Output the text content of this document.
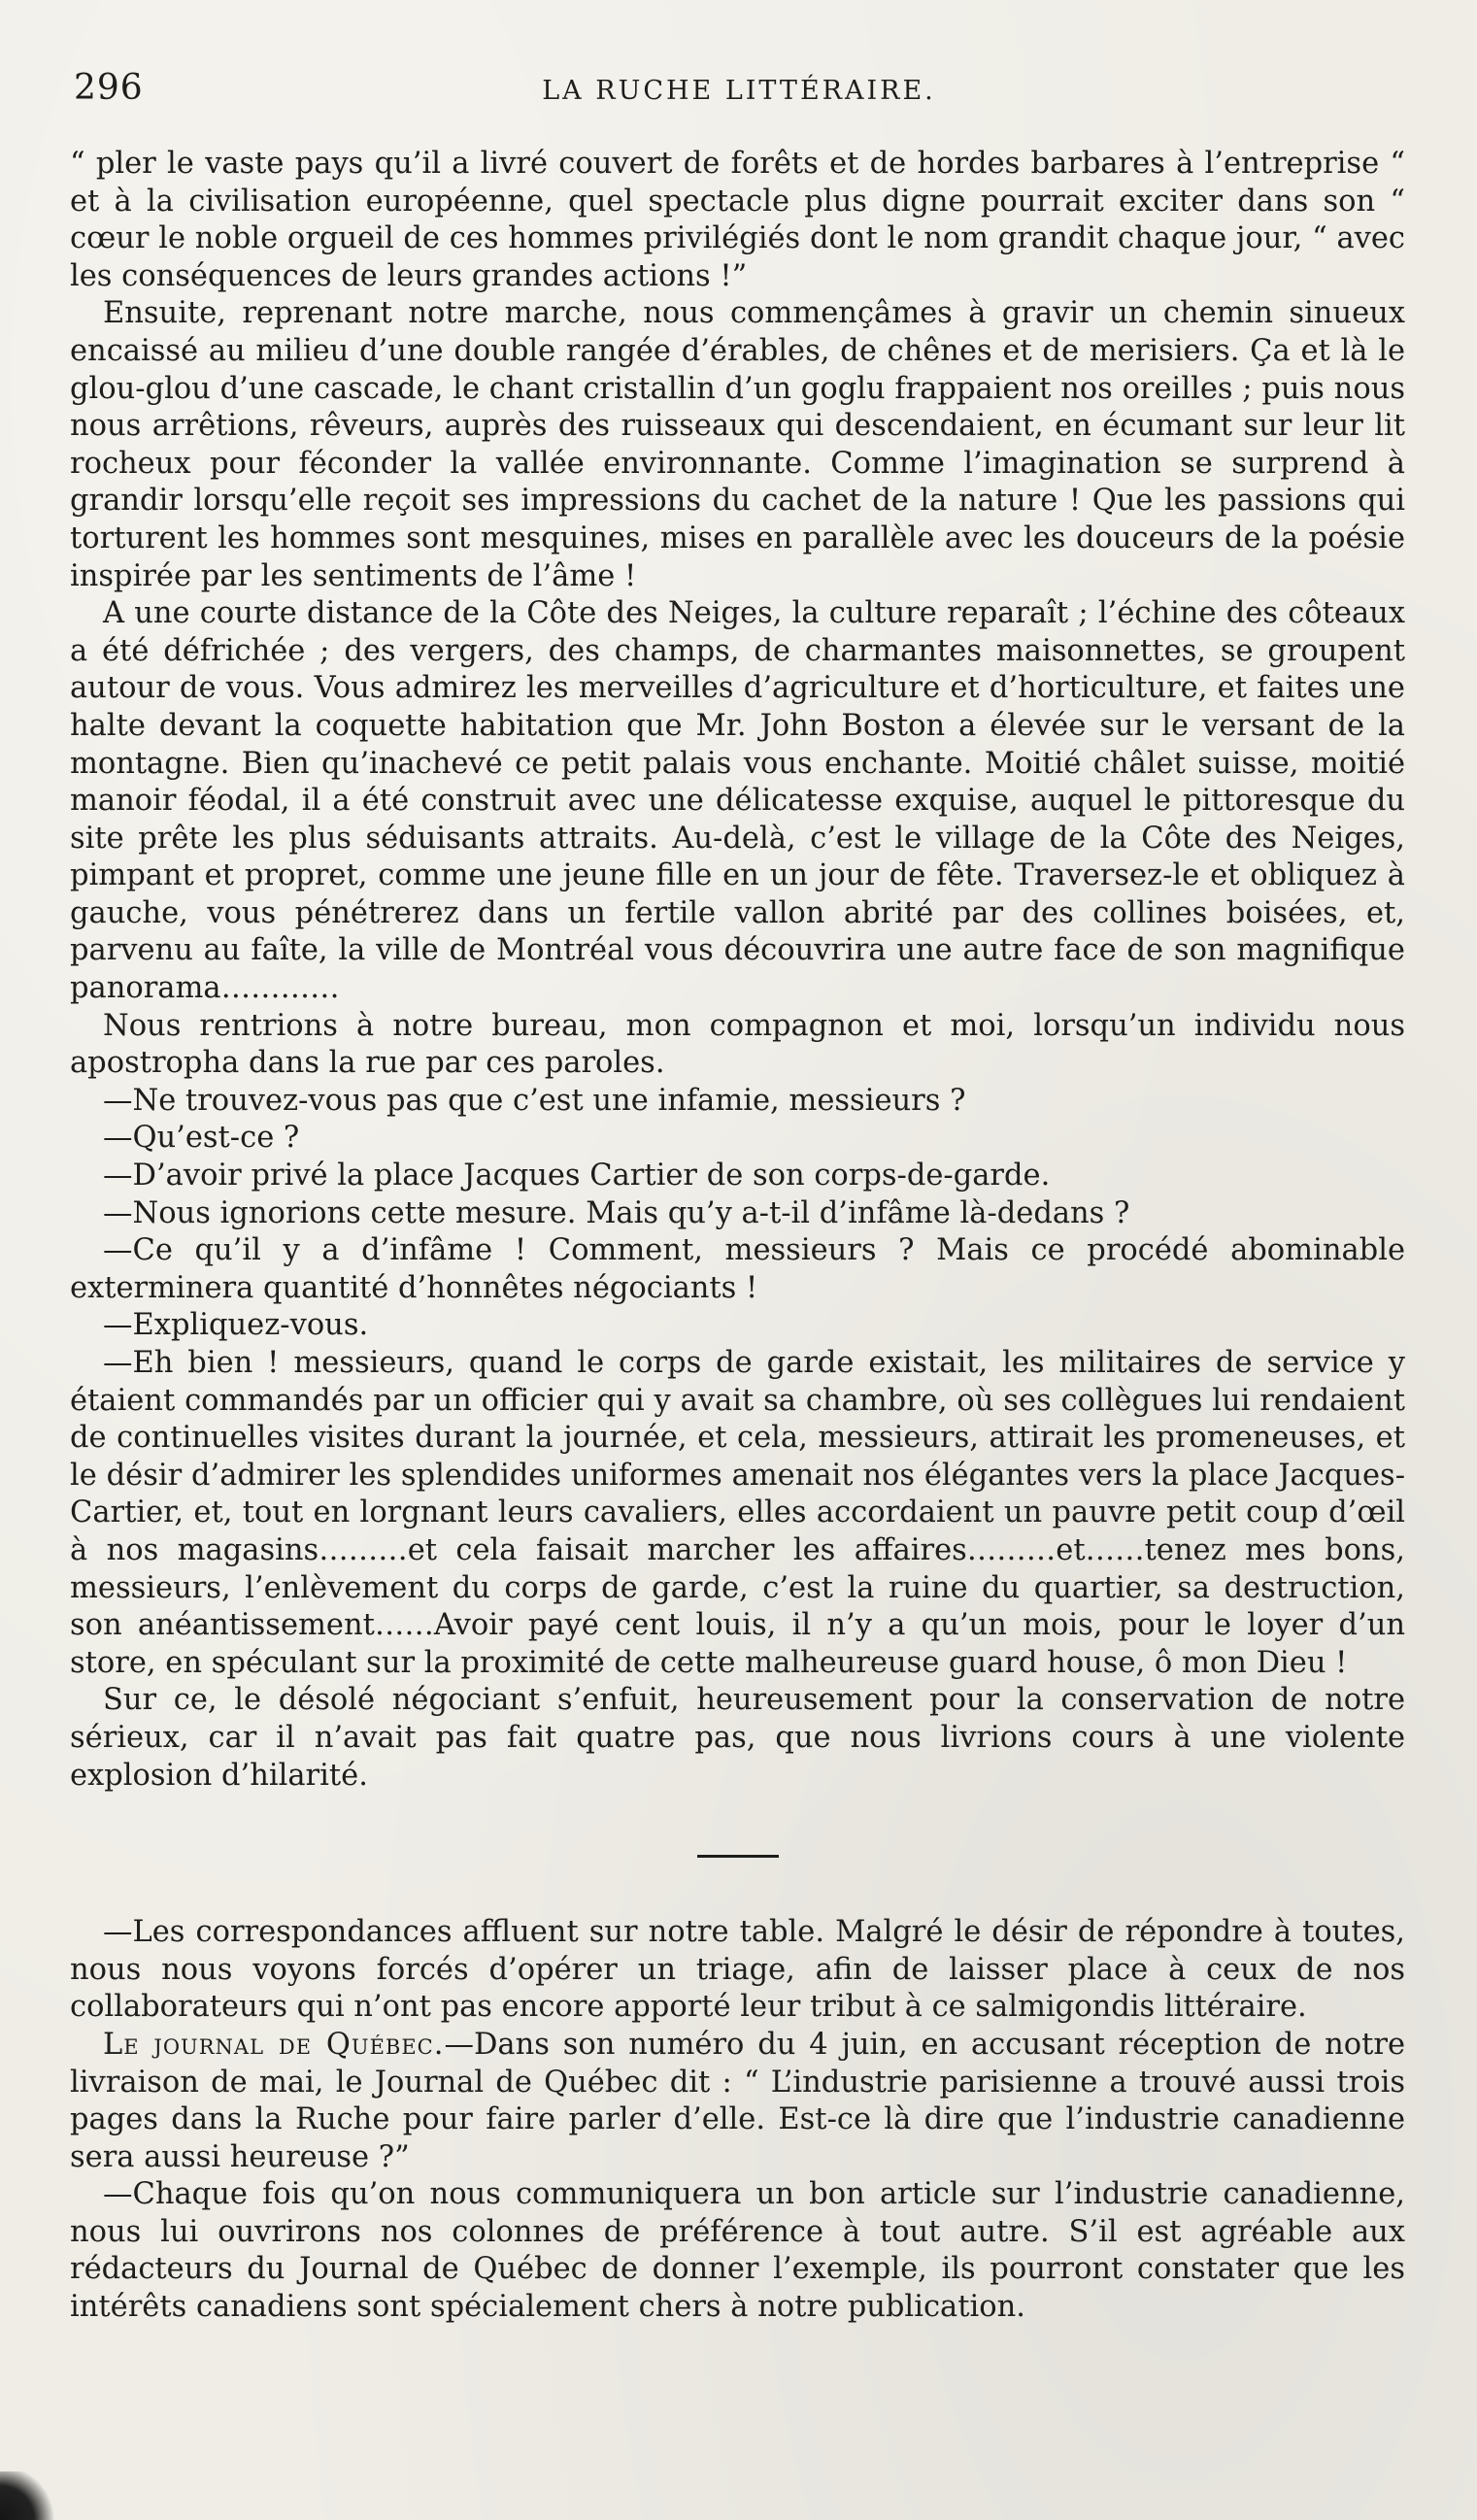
296	LA RUCHE LITTÉRAIRE.

“ pler le vaste pays qu’il a livré couvert de forêts et de hordes barbares à l’entreprise “ et à la civilisation européenne, quel spectacle plus digne pourrait exciter dans son “ cœur le noble orgueil de ces hommes privilégiés dont le nom grandit chaque jour, “ avec les conséquences de leurs grandes actions !”

Ensuite, reprenant notre marche, nous commençâmes à gravir un chemin sinueux encaissé au milieu d’une double rangée d’érables, de chênes et de merisiers. Ça et là le glou-glou d’une cascade, le chant cristallin d’un goglu frappaient nos oreilles ; puis nous nous arrêtions, rêveurs, auprès des ruisseaux qui descendaient, en écumant sur leur lit rocheux pour féconder la vallée environnante. Comme l’imagination se surprend à grandir lorsqu’elle reçoit ses impressions du cachet de la nature ! Que les passions qui torturent les hommes sont mesquines, mises en parallèle avec les douceurs de la poésie inspirée par les sentiments de l’âme !

A une courte distance de la Côte des Neiges, la culture reparaît ; l’échine des côteaux a été défrichée ; des vergers, des champs, de charmantes maisonnettes, se groupent autour de vous. Vous admirez les merveilles d’agriculture et d’horticulture, et faites une halte devant la coquette habitation que Mr. John Boston a élevée sur le versant de la montagne. Bien qu’inachevé ce petit palais vous enchante. Moitié châlet suisse, moitié manoir féodal, il a été construit avec une délicatesse exquise, auquel le pittoresque du site prête les plus séduisants attraits. Au-delà, c’est le village de la Côte des Neiges, pimpant et propret, comme une jeune fille en un jour de fête. Traversez-le et obliquez à gauche, vous pénétrerez dans un fertile vallon abrité par des collines boisées, et, parvenu au faîte, la ville de Montréal vous découvrira une autre face de son magnifique panorama…………

Nous rentrions à notre bureau, mon compagnon et moi, lorsqu’un individu nous apostropha dans la rue par ces paroles.

—Ne trouvez-vous pas que c’est une infamie, messieurs ?

—Qu’est-ce ?

—D’avoir privé la place Jacques Cartier de son corps-de-garde.

—Nous ignorions cette mesure. Mais qu’y a-t-il d’infâme là-dedans ?

—Ce qu’il y a d’infâme ! Comment, messieurs ? Mais ce procédé abominable exterminera quantité d’honnêtes négociants !

—Expliquez-vous.

—Eh bien ! messieurs, quand le corps de garde existait, les militaires de service y étaient commandés par un officier qui y avait sa chambre, où ses collègues lui rendaient de continuelles visites durant la journée, et cela, messieurs, attirait les promeneuses, et le désir d’admirer les splendides uniformes amenait nos élégantes vers la place Jacques-Cartier, et, tout en lorgnant leurs cavaliers, elles accordaient un pauvre petit coup d’œil à nos magasins………et cela faisait marcher les affaires………et……tenez mes bons, messieurs, l’enlèvement du corps de garde, c’est la ruine du quartier, sa destruction, son anéantissement……Avoir payé cent louis, il n’y a qu’un mois, pour le loyer d’un store, en spéculant sur la proximité de cette malheureuse guard house, ô mon Dieu !

Sur ce, le désolé négociant s’enfuit, heureusement pour la conservation de notre sérieux, car il n’avait pas fait quatre pas, que nous livrions cours à une violente explosion d’hilarité.

—Les correspondances affluent sur notre table. Malgré le désir de répondre à toutes, nous nous voyons forcés d’opérer un triage, afin de laisser place à ceux de nos collaborateurs qui n’ont pas encore apporté leur tribut à ce salmigondis littéraire.

Le journal de Québec.—Dans son numéro du 4 juin, en accusant réception de notre livraison de mai, le Journal de Québec dit : “ L’industrie parisienne a trouvé aussi trois pages dans la Ruche pour faire parler d’elle. Est-ce là dire que l’industrie canadienne sera aussi heureuse ?”

—Chaque fois qu’on nous communiquera un bon article sur l’industrie canadienne, nous lui ouvrirons nos colonnes de préférence à tout autre. S’il est agréable aux rédacteurs du Journal de Québec de donner l’exemple, ils pourront constater que les intérêts canadiens sont spécialement chers à notre publication.
